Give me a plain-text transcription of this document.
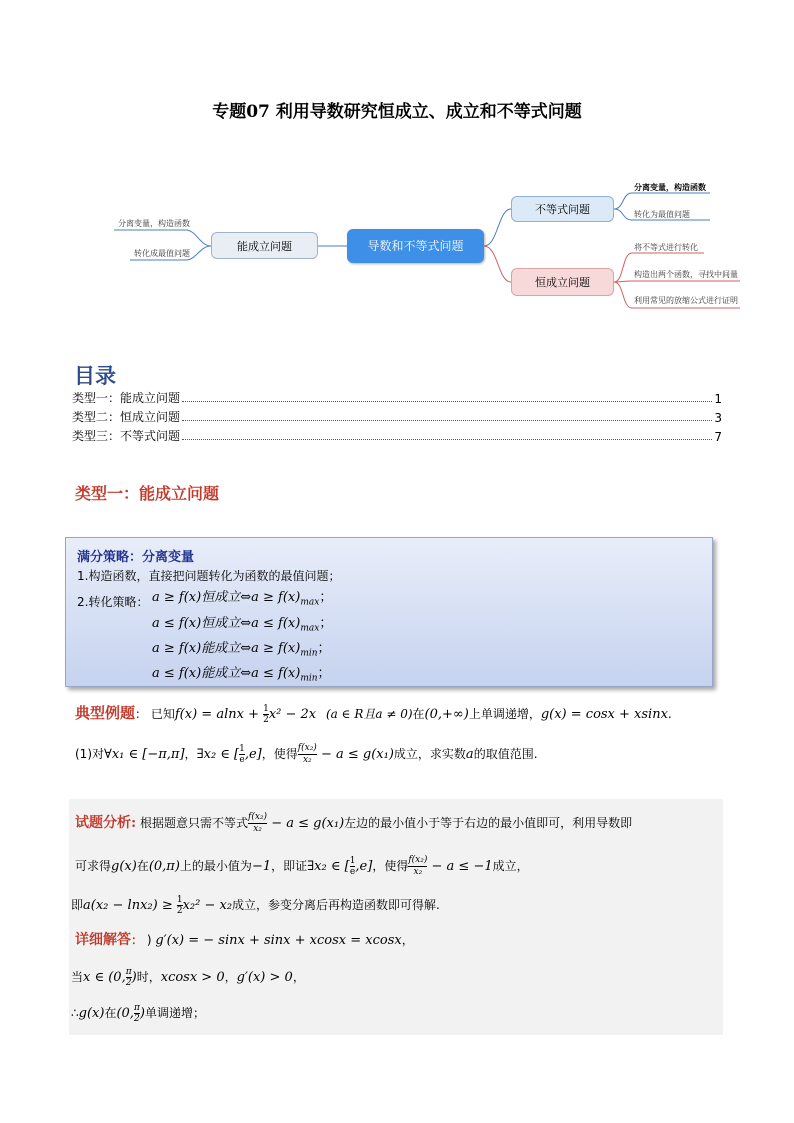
专题07 利用导数研究恒成立、成立和不等式问题
导数和不等式问题
能成立问题
不等式问题
恒成立问题
分离变量，构造函数
转化成最值问题
分离变量，构造函数
转化为最值问题
将不等式进行转化
构造出两个函数，寻找中间量
利用常见的放缩公式进行证明
目录
类型一：能成立问题	1
类型二：恒成立问题	3
类型三：不等式问题	7
类型一：能成立问题
满分策略：分离变量
1.构造函数，直接把问题转化为函数的最值问题；
2.转化策略： a ≥ f(x)恒成立⇔a ≥ $f(x)_{max}$；
a ≤ f(x)恒成立⇔a ≤ $f(x)_{max}$；
a ≥ f(x)能成立⇔a ≥ $f(x)_{min}$；
a ≤ f(x)能成立⇔a ≤ $f(x)_{min}$；
典型例题： 已知$f(x) = alnx + \frac{1}{2} x^2 - 2x$ (a ∈ R且a ≠ 0)在(0,+∞)上单调递增，g(x) = cosx + xsinx.
(1)对∀x₁ ∈ [−π,π]，∃x₂ ∈ [ $\frac{1}{e} ,e$]，使得 $\frac{\text{f(x₂)}}{\text{x₂}} - a \le g(x_1)$成立，求实数a的取值范围.
试题分析: 根据题意只需不等式 $\frac{\text{f(x₂)}}{\text{x₂}} - a \le g(x_1)$左边的最小值小于等于右边的最小值即可，利用导数即
可求得g(x)在(0,π)上的最小值为−1，即证∃x₂ ∈ [ $\frac{1}{e} ,e$]，使得 $\frac{\text{f(x₂)}}{\text{x₂}} - a \le -1$成立，
即$a(x_2 - \ln x_2) \ge \frac{1}{2} x_2^2 - x_2$成立，参变分离后再构造函数即可得解.
详细解答： ) g′(x) = − sinx + sinx + xcosx = xcosx，
当x ∈ (0, $\frac{\pi}{2}$ )时，xcosx > 0，g′(x) > 0，
∴g(x)在(0, $\frac{\pi}{2}$ )单调递增；
